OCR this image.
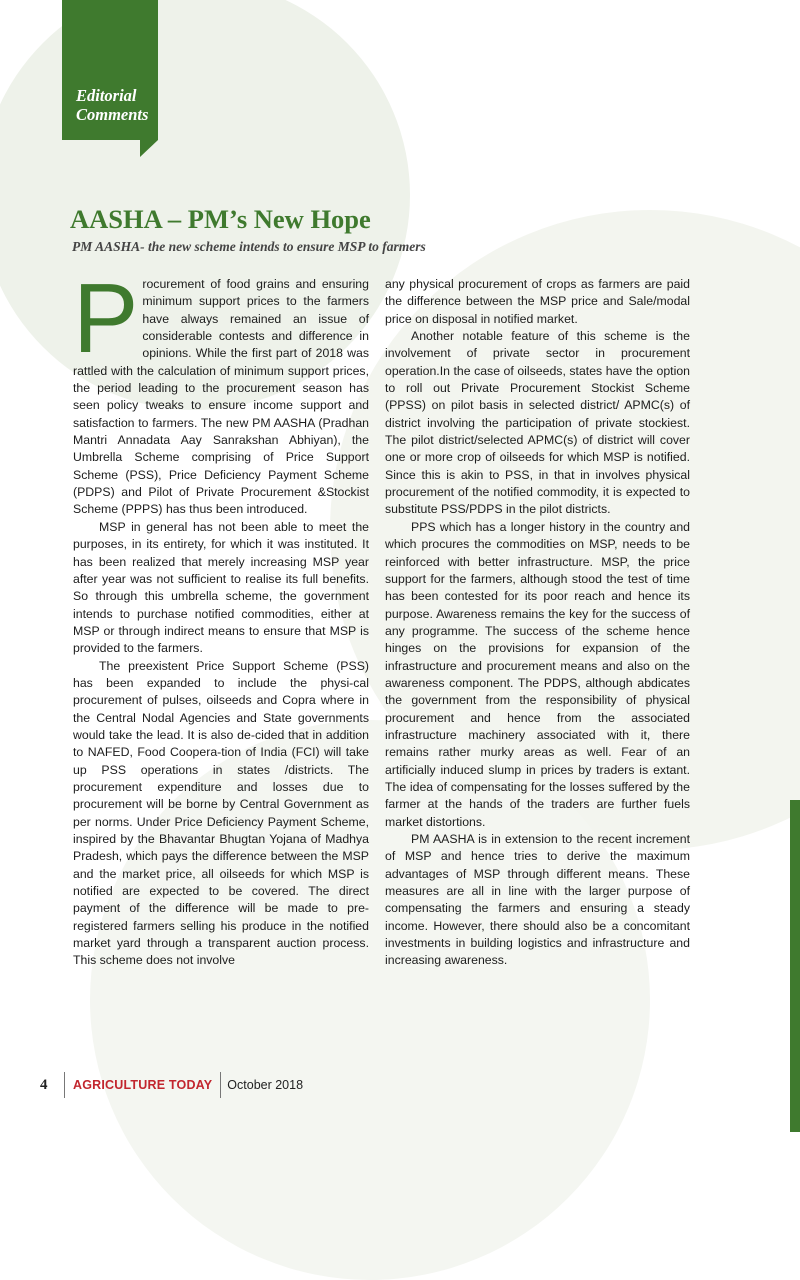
Editorial
Comments
AASHA – PM’s New Hope
PM AASHA- the new scheme intends to ensure MSP to farmers

Procurement of food grains and ensuring minimum support prices to the farmers have always remained an issue of considerable contests and difference in opinions. While the first part of 2018 was rattled with the calculation of minimum support prices, the period leading to the procurement season has seen policy tweaks to ensure income support and satisfaction to farmers. The new PM AASHA (Pradhan Mantri Annadata Aay Sanrakshan Abhiyan), the Umbrella Scheme comprising of Price Support Scheme (PSS), Price Deficiency Payment Scheme (PDPS) and Pilot of Private Procurement &Stockist Scheme (PPPS) has thus been introduced.

MSP in general has not been able to meet the purposes, in its entirety, for which it was instituted. It has been realized that merely increasing MSP year after year was not sufficient to realise its full benefits. So through this umbrella scheme, the government intends to purchase notified commodities, either at MSP or through indirect means to ensure that MSP is provided to the farmers.

The preexistent Price Support Scheme (PSS) has been expanded to include the physi-cal procurement of pulses, oilseeds and Copra where in the Central Nodal Agencies and State governments would take the lead. It is also de-cided that in addition to NAFED, Food Coopera-tion of India (FCI) will take up PSS operations in states /districts. The procurement expenditure and losses due to procurement will be borne by Central Government as per norms. Under Price Deficiency Payment Scheme, inspired by the Bhavantar Bhugtan Yojana of Madhya Pradesh, which pays the difference between the MSP and the market price, all oilseeds for which MSP is notified are expected to be covered. The direct payment of the difference will be made to pre-registered farmers selling his produce in the notified market yard through a transparent auction process. This scheme does not involve

any physical procurement of crops as farmers are paid the difference between the MSP price and Sale/modal price on disposal in notified market.

Another notable feature of this scheme is the involvement of private sector in procurement operation.In the case of oilseeds, states have the option to roll out Private Procurement Stockist Scheme (PPSS) on pilot basis in selected district/ APMC(s) of district involving the participation of private stockiest. The pilot district/selected APMC(s) of district will cover one or more crop of oilseeds for which MSP is notified. Since this is akin to PSS, in that in involves physical procurement of the notified commodity, it is expected to substitute PSS/PDPS in the pilot districts.

PPS which has a longer history in the country and which procures the commodities on MSP, needs to be reinforced with better infrastructure. MSP, the price support for the farmers, although stood the test of time has been contested for its poor reach and hence its purpose. Awareness remains the key for the success of any programme. The success of the scheme hence hinges on the provisions for expansion of the infrastructure and procurement means and also on the awareness component. The PDPS, although abdicates the government from the responsibility of physical procurement and hence from the associated infrastructure machinery associated with it, there remains rather murky areas as well. Fear of an artificially induced slump in prices by traders is extant. The idea of compensating for the losses suffered by the farmer at the hands of the traders are further fuels market distortions.

PM AASHA is in extension to the recent increment of MSP and hence tries to derive the maximum advantages of MSP through different means. These measures are all in line with the larger purpose of compensating the farmers and ensuring a steady income. However, there should also be a concomitant investments in building logistics and infrastructure and increasing awareness.

4	AGRICULTURE TODAY	October 2018
